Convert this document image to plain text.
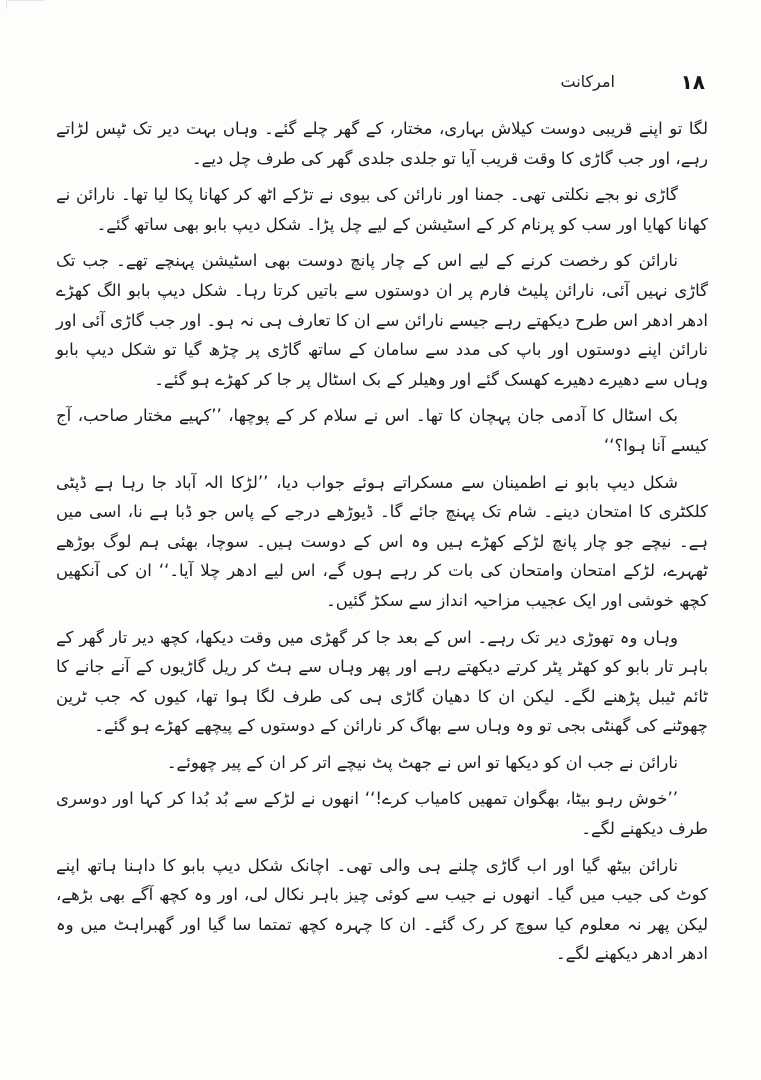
۱۸
امرکانت

لگا تو اپنے قریبی دوست کیلاش بہاری، مختار، کے گھر چلے گئے۔ وہاں بہت دیر تک ٹپس لڑاتے رہے، اور جب گاڑی کا وقت قریب آیا تو جلدی جلدی گھر کی طرف چل دیے۔

گاڑی نو بجے نکلتی تھی۔ جمنا اور نارائن کی بیوی نے تڑکے اٹھ کر کھانا پکا لیا تھا۔ نارائن نے کھانا کھایا اور سب کو پرنام کر کے اسٹیشن کے لیے چل پڑا۔ شکل دیپ بابو بھی ساتھ گئے۔

نارائن کو رخصت کرنے کے لیے اس کے چار پانچ دوست بھی اسٹیشن پہنچے تھے۔ جب تک گاڑی نہیں آئی، نارائن پلیٹ فارم پر ان دوستوں سے باتیں کرتا رہا۔ شکل دیپ بابو الگ کھڑے ادھر ادھر اس طرح دیکھتے رہے جیسے نارائن سے ان کا تعارف ہی نہ ہو۔ اور جب گاڑی آئی اور نارائن اپنے دوستوں اور باپ کی مدد سے سامان کے ساتھ گاڑی پر چڑھ گیا تو شکل دیپ بابو وہاں سے دھیرے دھیرے کھسک گئے اور وھیلر کے بک اسٹال پر جا کر کھڑے ہو گئے۔

بک اسٹال کا آدمی جان پہچان کا تھا۔ اس نے سلام کر کے پوچھا، ’’کہیے مختار صاحب، آج کیسے آنا ہوا؟‘‘

شکل دیپ بابو نے اطمینان سے مسکراتے ہوئے جواب دیا، ’’لڑکا الہ آباد جا رہا ہے ڈپٹی کلکٹری کا امتحان دینے۔ شام تک پہنچ جائے گا۔ ڈیوڑھے درجے کے پاس جو ڈبا ہے نا، اسی میں ہے۔ نیچے جو چار پانچ لڑکے کھڑے ہیں وہ اس کے دوست ہیں۔ سوچا، بھئی ہم لوگ بوڑھے ٹھہرے، لڑکے امتحان وامتحان کی بات کر رہے ہوں گے، اس لیے ادھر چلا آیا۔‘‘ ان کی آنکھیں کچھ خوشی اور ایک عجیب مزاحیہ انداز سے سکڑ گئیں۔

وہاں وہ تھوڑی دیر تک رہے۔ اس کے بعد جا کر گھڑی میں وقت دیکھا، کچھ دیر تار گھر کے باہر تار بابو کو کھٹر پٹر کرتے دیکھتے رہے اور پھر وہاں سے ہٹ کر ریل گاڑیوں کے آنے جانے کا ٹائم ٹیبل پڑھنے لگے۔ لیکن ان کا دھیان گاڑی ہی کی طرف لگا ہوا تھا، کیوں کہ جب ٹرین چھوٹنے کی گھنٹی بجی تو وہ وہاں سے بھاگ کر نارائن کے دوستوں کے پیچھے کھڑے ہو گئے۔

نارائن نے جب ان کو دیکھا تو اس نے جھٹ پٹ نیچے اتر کر ان کے پیر چھوئے۔

’’خوش رہو بیٹا، بھگوان تمھیں کامیاب کرے!‘‘ انھوں نے لڑکے سے بُد بُدا کر کہا اور دوسری طرف دیکھنے لگے۔

نارائن بیٹھ گیا اور اب گاڑی چلنے ہی والی تھی۔ اچانک شکل دیپ بابو کا داہنا ہاتھ اپنے کوٹ کی جیب میں گیا۔ انھوں نے جیب سے کوئی چیز باہر نکال لی، اور وہ کچھ آگے بھی بڑھے، لیکن پھر نہ معلوم کیا سوچ کر رک گئے۔ ان کا چہرہ کچھ تمتما سا گیا اور گھبراہٹ میں وہ ادھر ادھر دیکھنے لگے۔
